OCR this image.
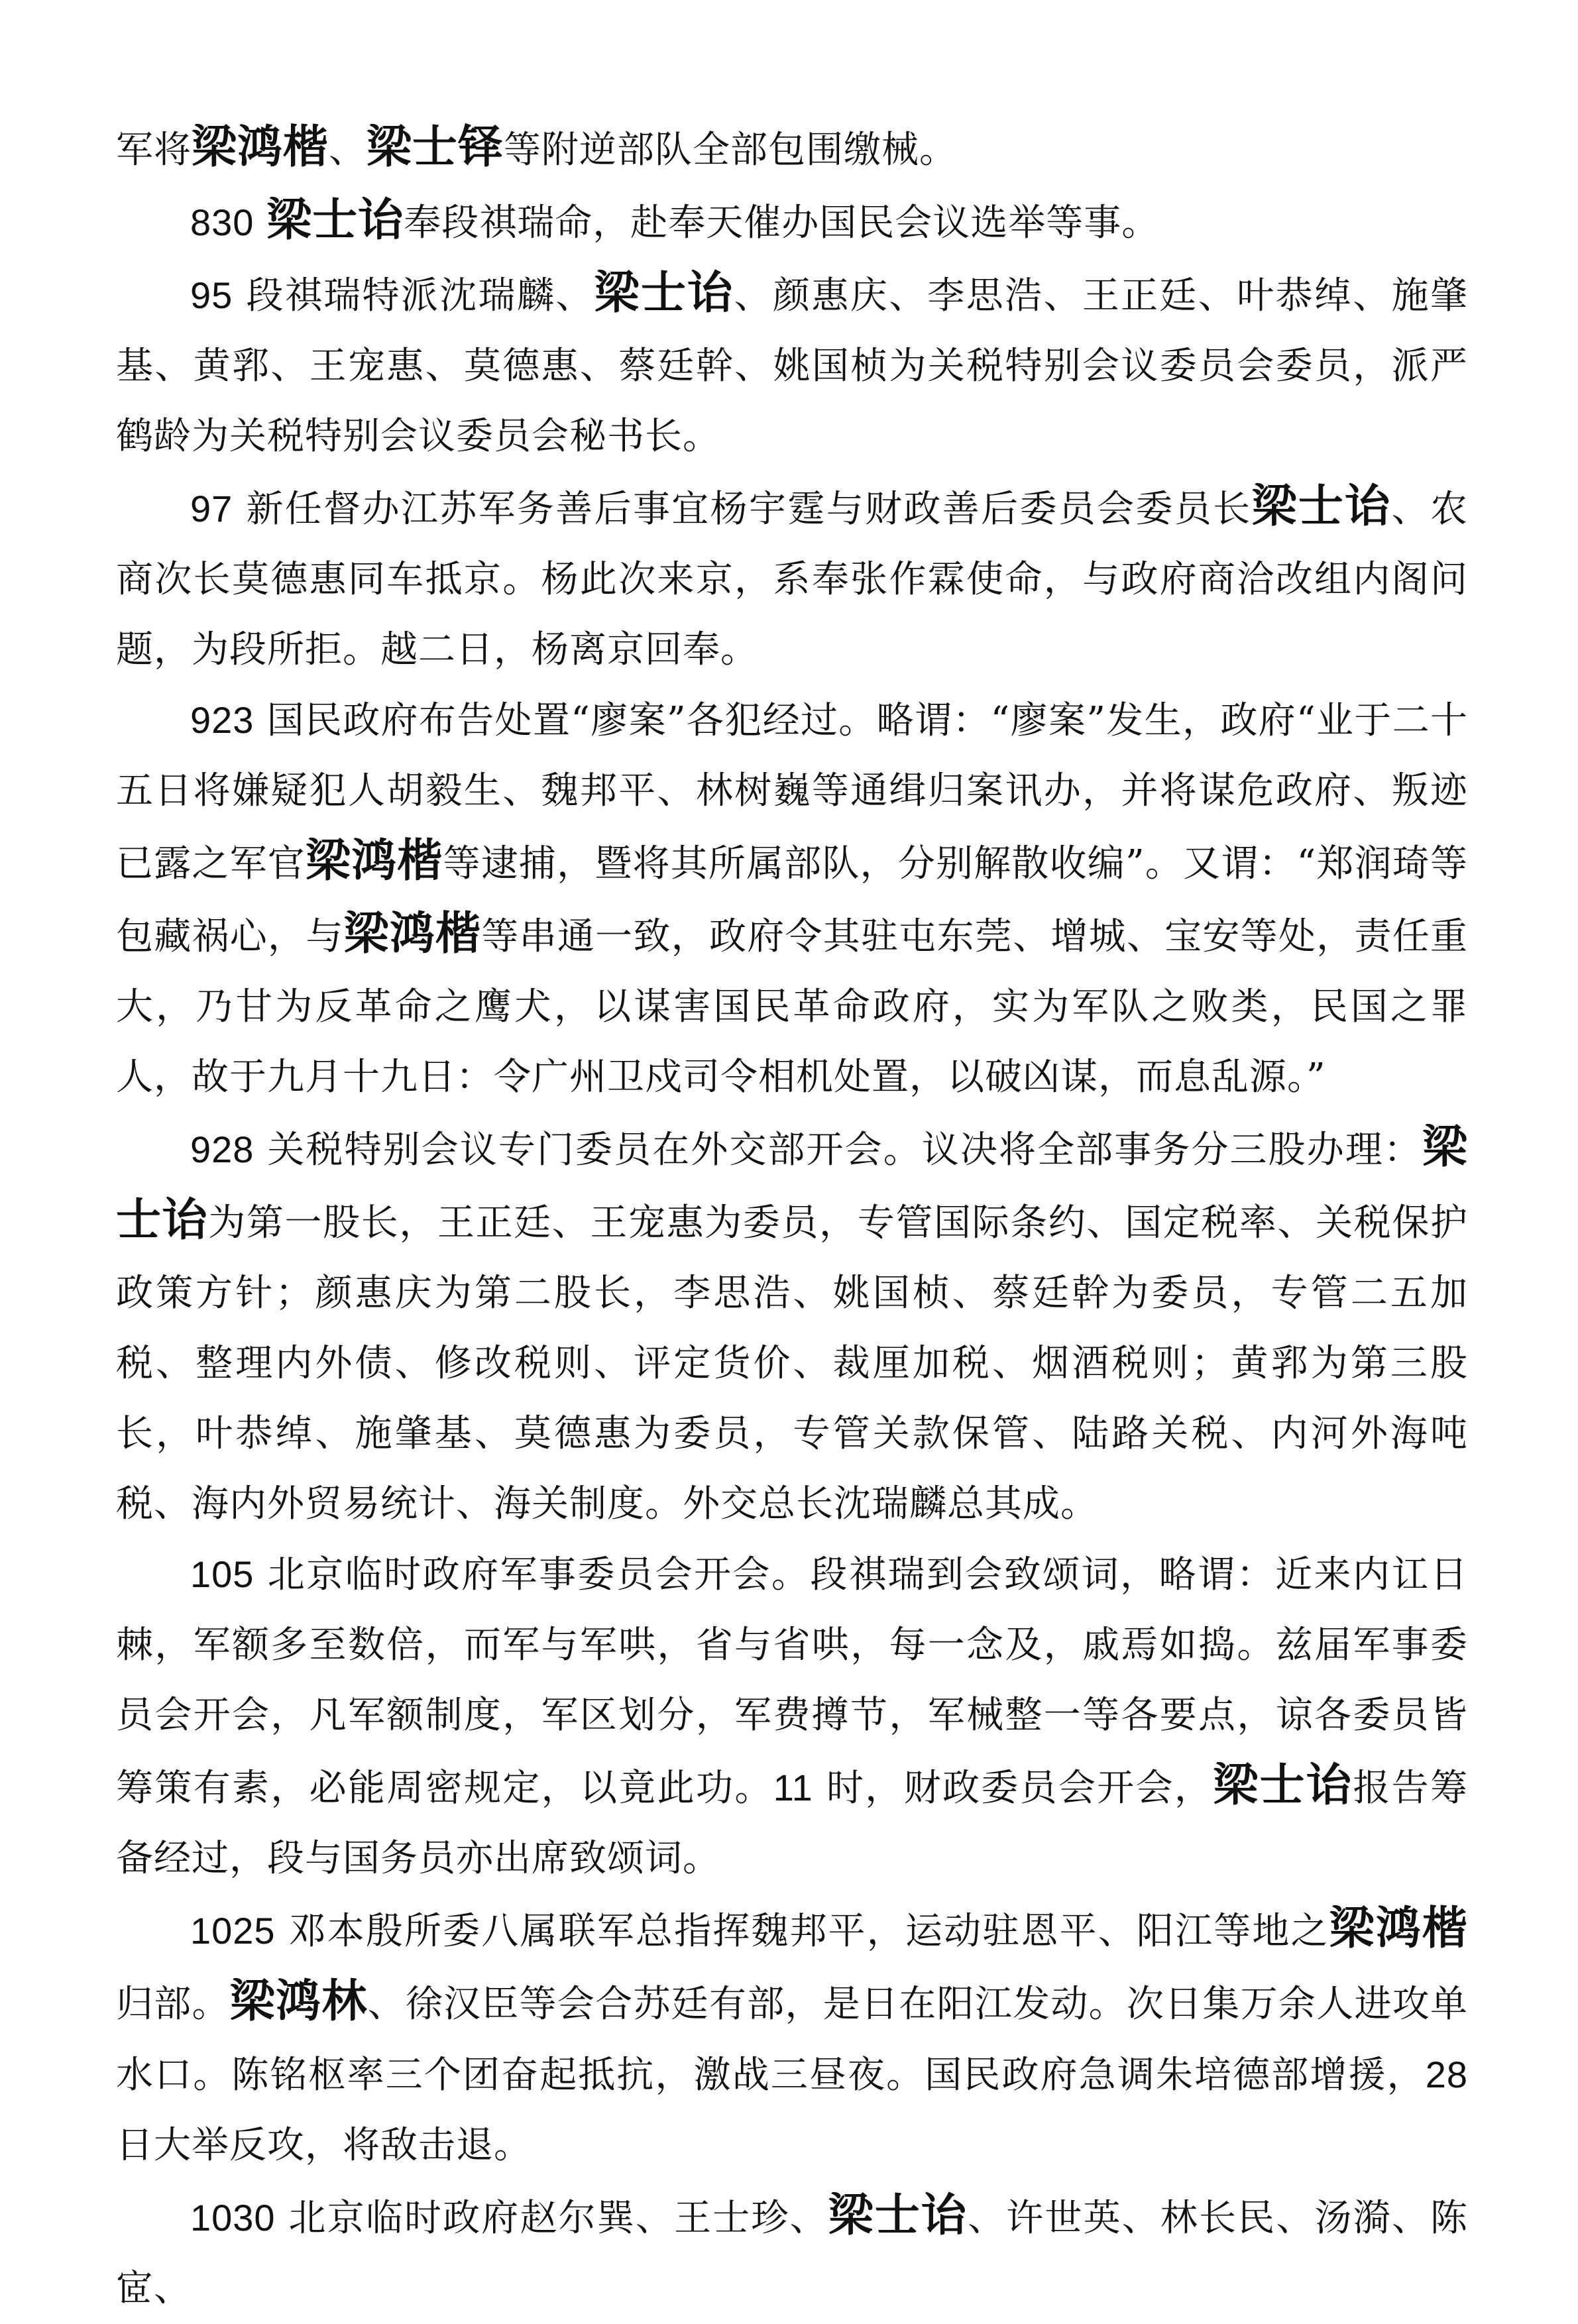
军将梁鸿楷、梁士铎等附逆部队全部包围缴械。

830 梁士诒奉段祺瑞命，赴奉天催办国民会议选举等事。

95 段祺瑞特派沈瑞麟、梁士诒、颜惠庆、李思浩、王正廷、叶恭绰、施肇基、黄郛、王宠惠、莫德惠、蔡廷幹、姚国桢为关税特别会议委员会委员，派严鹤龄为关税特别会议委员会秘书长。

97 新任督办江苏军务善后事宜杨宇霆与财政善后委员会委员长梁士诒、农商次长莫德惠同车抵京。杨此次来京，系奉张作霖使命，与政府商洽改组内阁问题，为段所拒。越二日，杨离京回奉。

923 国民政府布告处置“廖案”各犯经过。略谓：“廖案”发生，政府“业于二十五日将嫌疑犯人胡毅生、魏邦平、林树巍等通缉归案讯办，并将谋危政府、叛迹已露之军官梁鸿楷等逮捕，暨将其所属部队，分别解散收编”。又谓：“郑润琦等包藏祸心，与梁鸿楷等串通一致，政府令其驻屯东莞、增城、宝安等处，责任重大，乃甘为反革命之鹰犬，以谋害国民革命政府，实为军队之败类，民国之罪人，故于九月十九日：令广州卫戍司令相机处置，以破凶谋，而息乱源。”

928 关税特别会议专门委员在外交部开会。议决将全部事务分三股办理：梁士诒为第一股长，王正廷、王宠惠为委员，专管国际条约、国定税率、关税保护政策方针；颜惠庆为第二股长，李思浩、姚国桢、蔡廷幹为委员，专管二五加税、整理内外债、修改税则、评定货价、裁厘加税、烟酒税则；黄郛为第三股长，叶恭绰、施肇基、莫德惠为委员，专管关款保管、陆路关税、内河外海吨税、海内外贸易统计、海关制度。外交总长沈瑞麟总其成。

105 北京临时政府军事委员会开会。段祺瑞到会致颂词，略谓：近来内讧日棘，军额多至数倍，而军与军哄，省与省哄，每一念及，戚焉如捣。兹届军事委员会开会，凡军额制度，军区划分，军费撙节，军械整一等各要点，谅各委员皆筹策有素，必能周密规定，以竟此功。11 时，财政委员会开会，梁士诒报告筹备经过，段与国务员亦出席致颂词。

1025 邓本殷所委八属联军总指挥魏邦平，运动驻恩平、阳江等地之梁鸿楷归部。梁鸿林、徐汉臣等会合苏廷有部，是日在阳江发动。次日集万余人进攻单水口。陈铭枢率三个团奋起抵抗，激战三昼夜。国民政府急调朱培德部增援，28 日大举反攻，将敌击退。

1030 北京临时政府赵尔巽、王士珍、梁士诒、许世英、林长民、汤漪、陈宧、
